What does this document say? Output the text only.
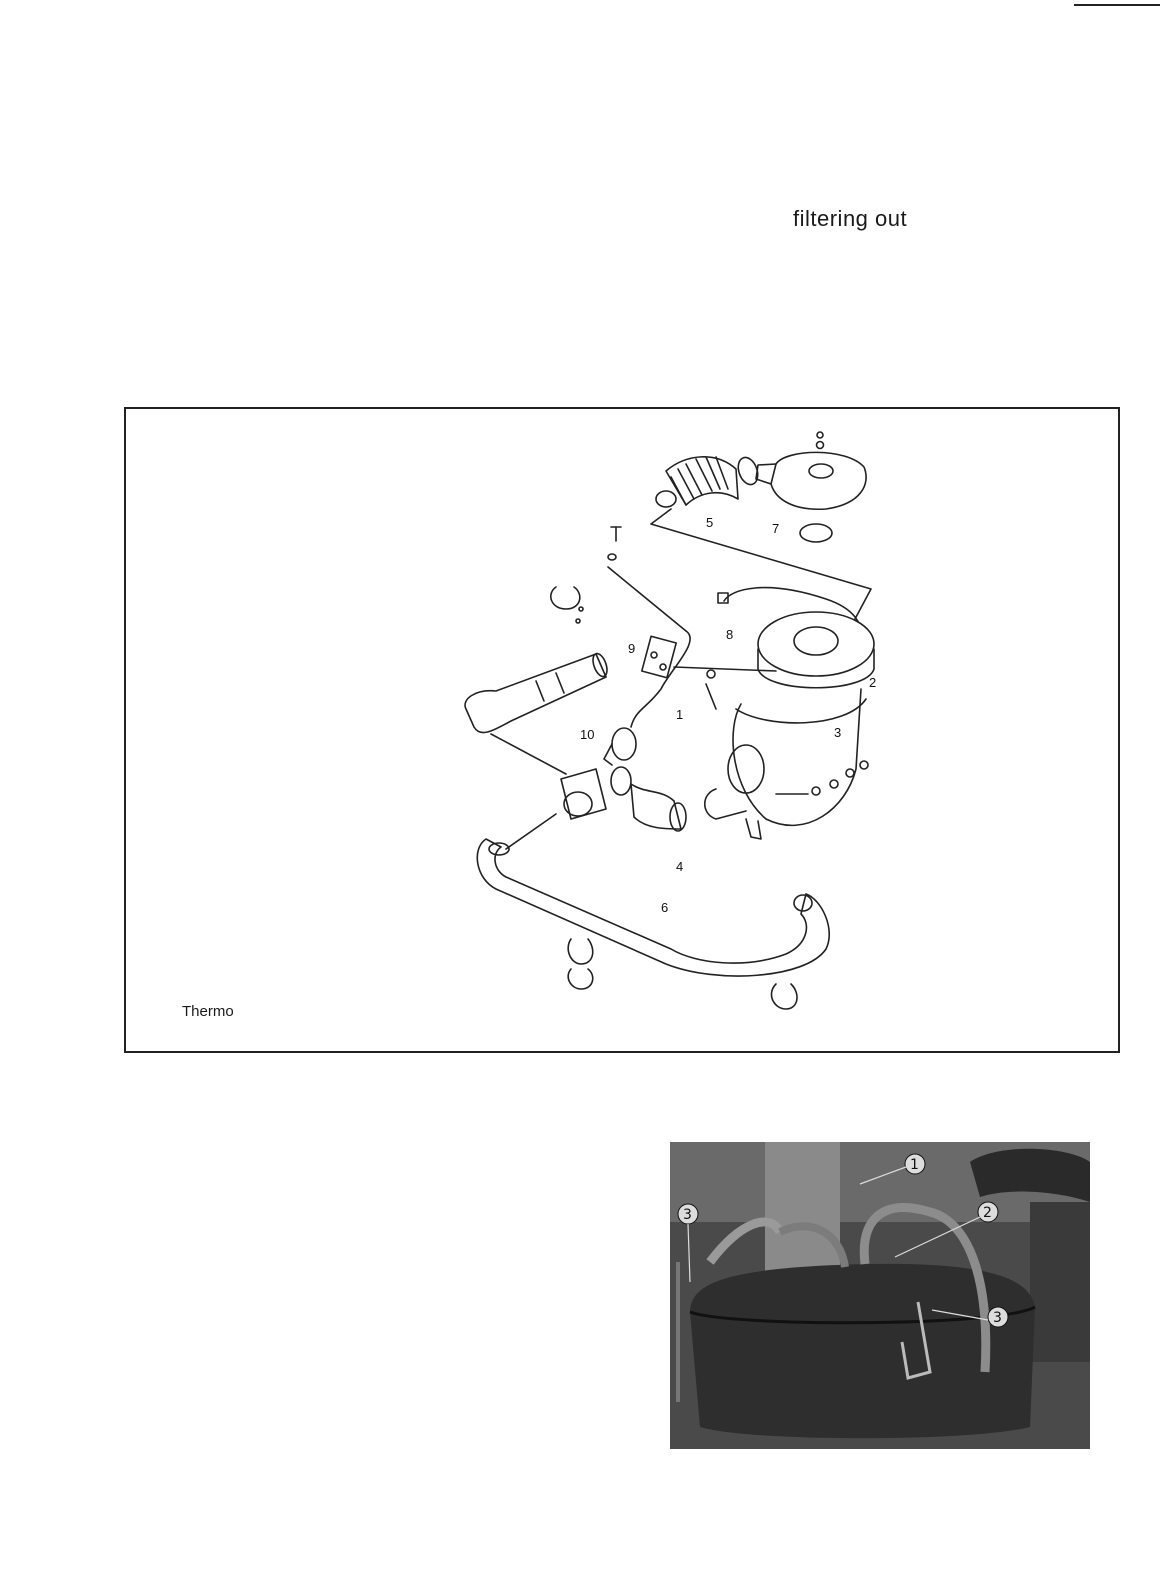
filtering out
5	7
8
9
2
1
3
10
4
6
Thermo
1
2
3
3
